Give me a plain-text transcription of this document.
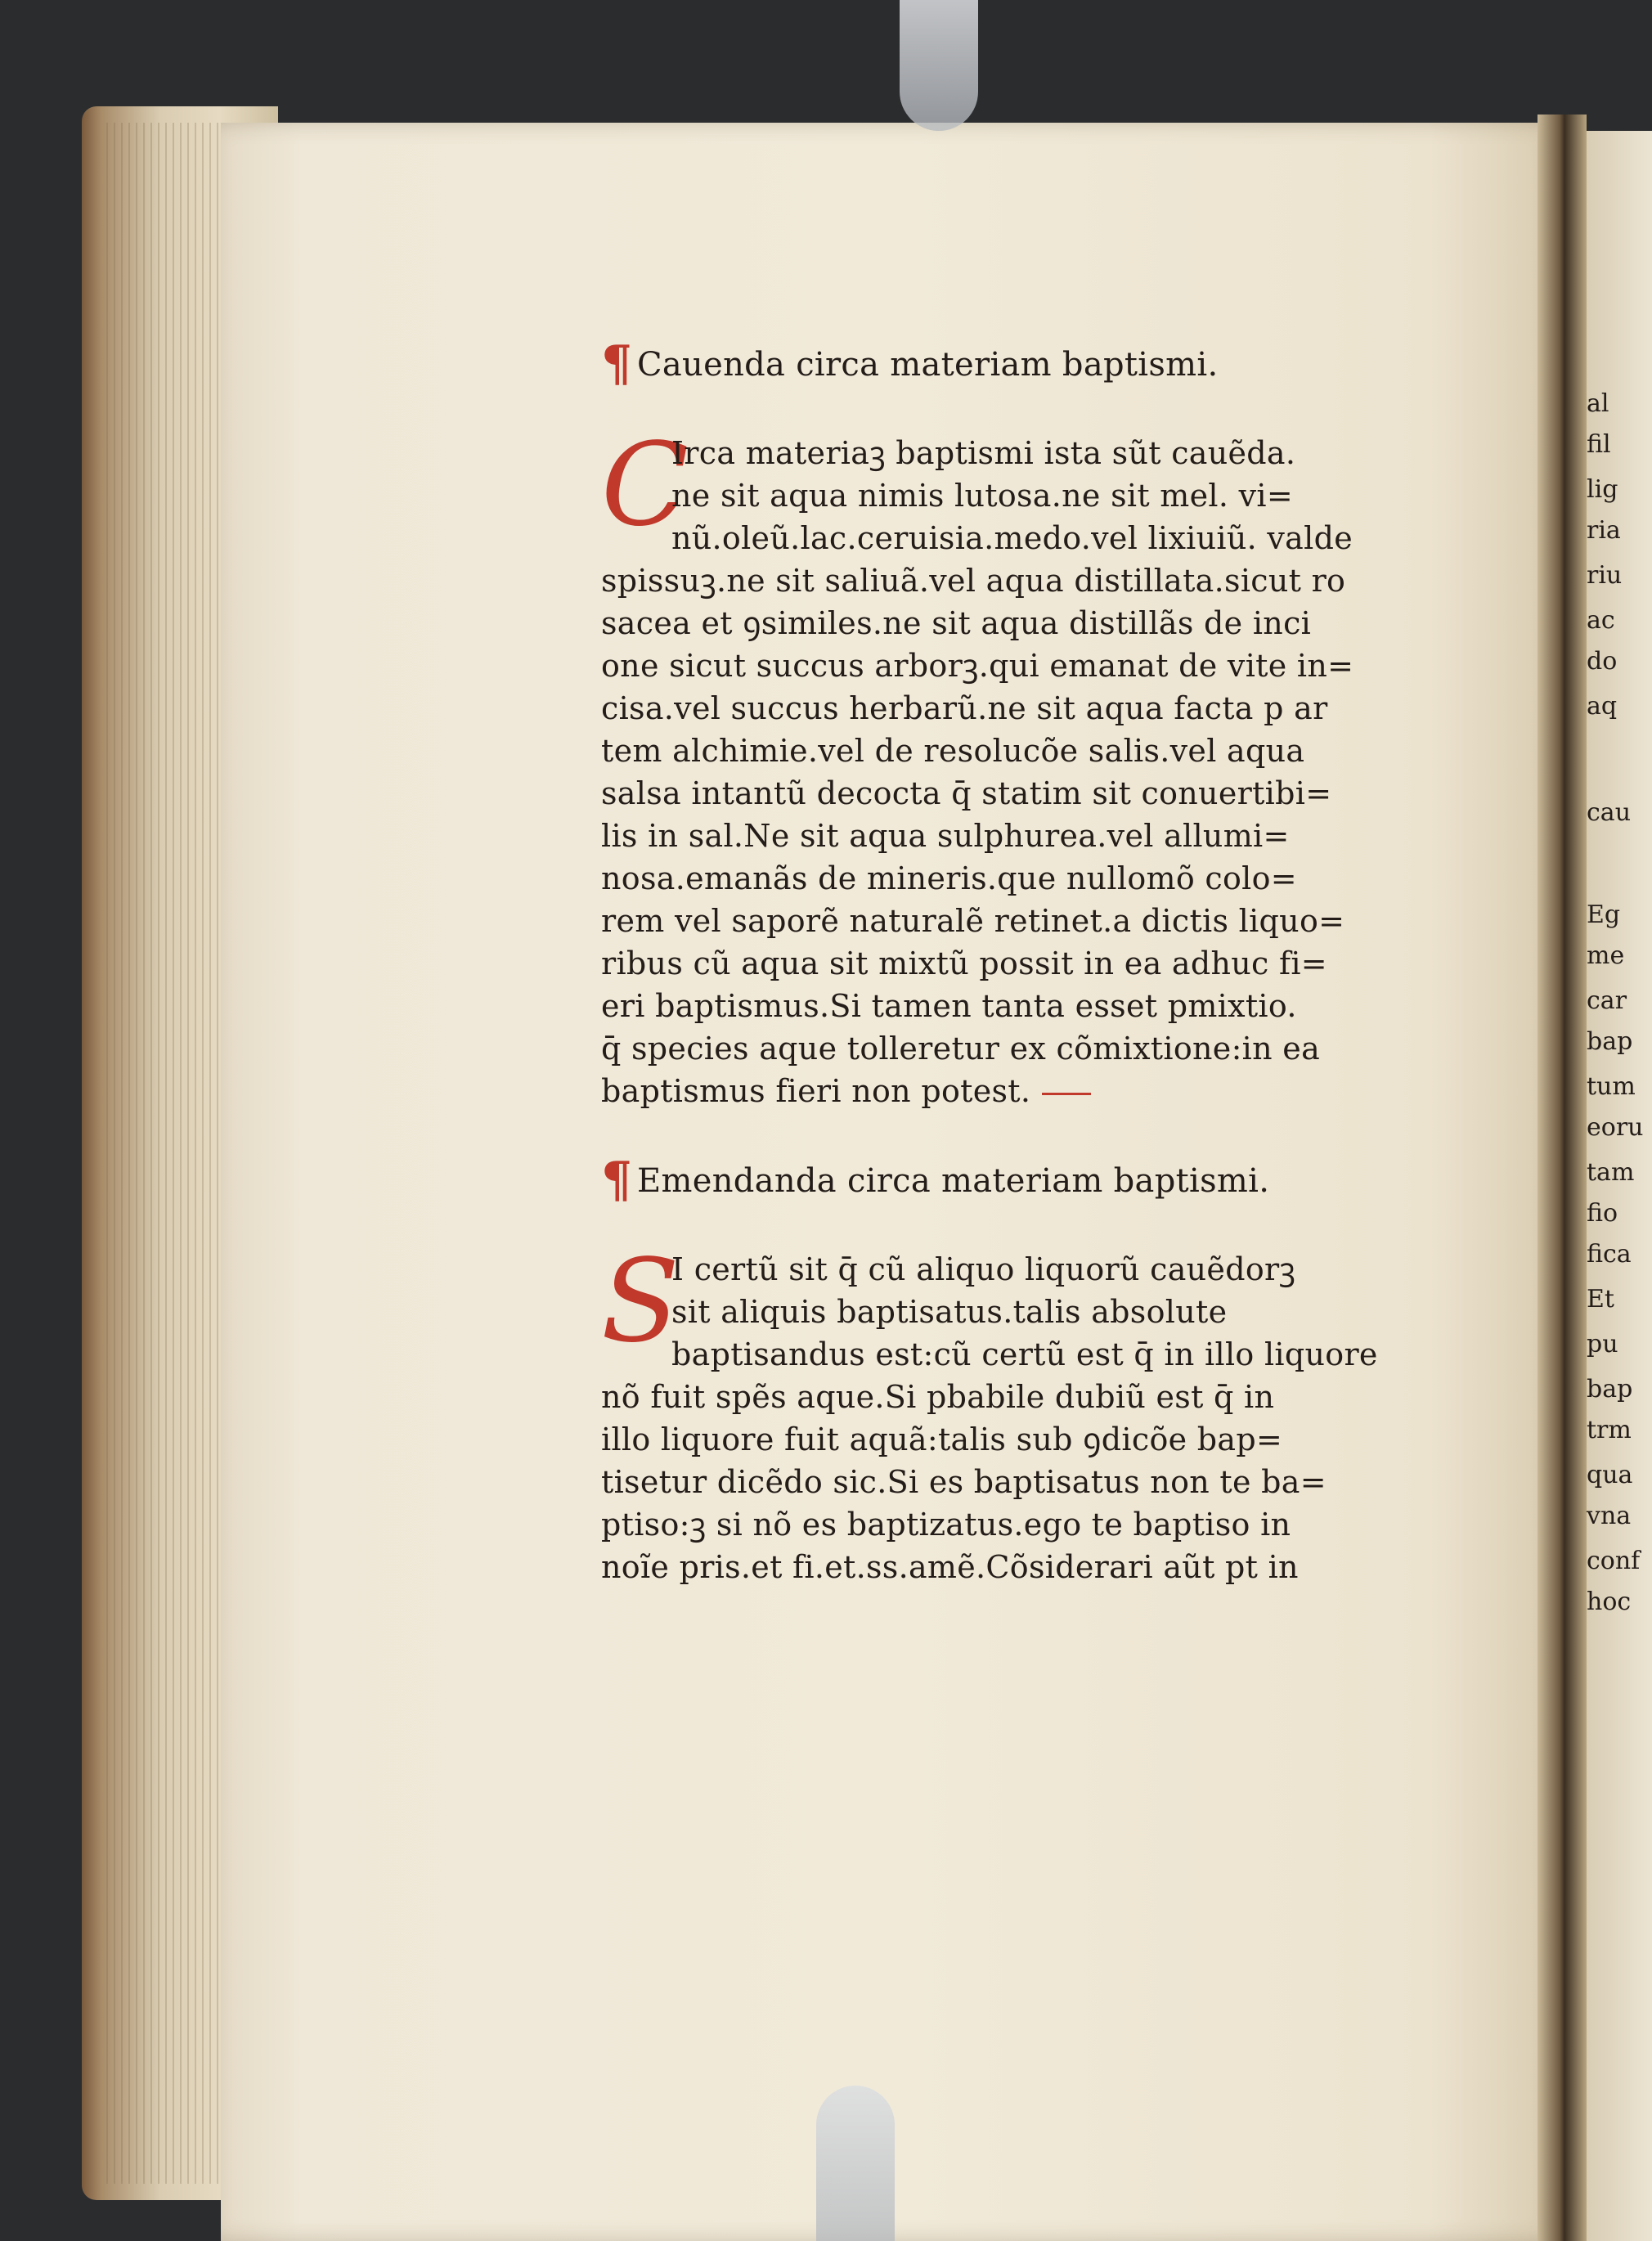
¶ Cauenda circa materiam baptismi.
C
Irca materiaꝫ baptismi ista sũt cauẽda.
ne sit aqua nimis lutosa.ne sit mel. vi=
nũ.oleũ.lac.ceruisia.medo.vel lixiuiũ. valde
spissuꝫ.ne sit saliuã.vel aqua distillata.sicut ro
sacea et ꝯsimiles.ne sit aqua distillãs de inci
one sicut succus arborꝫ.qui emanat de vite in=
cisa.vel succus herbarũ.ne sit aqua facta p ar
tem alchimie.vel de resolucõe salis.vel aqua
salsa intantũ decocta q̄ statim sit conuertibi=
lis in sal.Ne sit aqua sulphurea.vel allumi=
nosa.emanãs de mineris.que nullomõ colo=
rem vel saporẽ naturalẽ retinet.a dictis liquo=
ribus cũ aqua sit mixtũ possit in ea adhuc fi=
eri baptismus.Si tamen tanta esset pmixtio.
q̄ species aque tolleretur ex cõmixtione:in ea
baptismus fieri non potest.
¶ Emendanda circa materiam baptismi.
S
I certũ sit q̄ cũ aliquo liquorũ cauẽdorꝫ
sit aliquis baptisatus.talis absolute
baptisandus est:cũ certũ est q̄ in illo liquore
nõ fuit spẽs aque.Si pbabile dubiũ est q̄ in
illo liquore fuit aquã:talis sub ꝯdicõe bap=
tisetur dicẽdo sic.Si es baptisatus non te ba=
ptiso:ꝫ si nõ es baptizatus.ego te baptiso in
noĩe pris.et fi.et.ss.amẽ.Cõsiderari aũt pt in
al
fil
lig
ria
riu
ac
do
aq
cau
Eg
me
car
bap
tum
eoru
tam
fio
fica
Et
pu
bap
trm
qua
vna
conf
hoc
